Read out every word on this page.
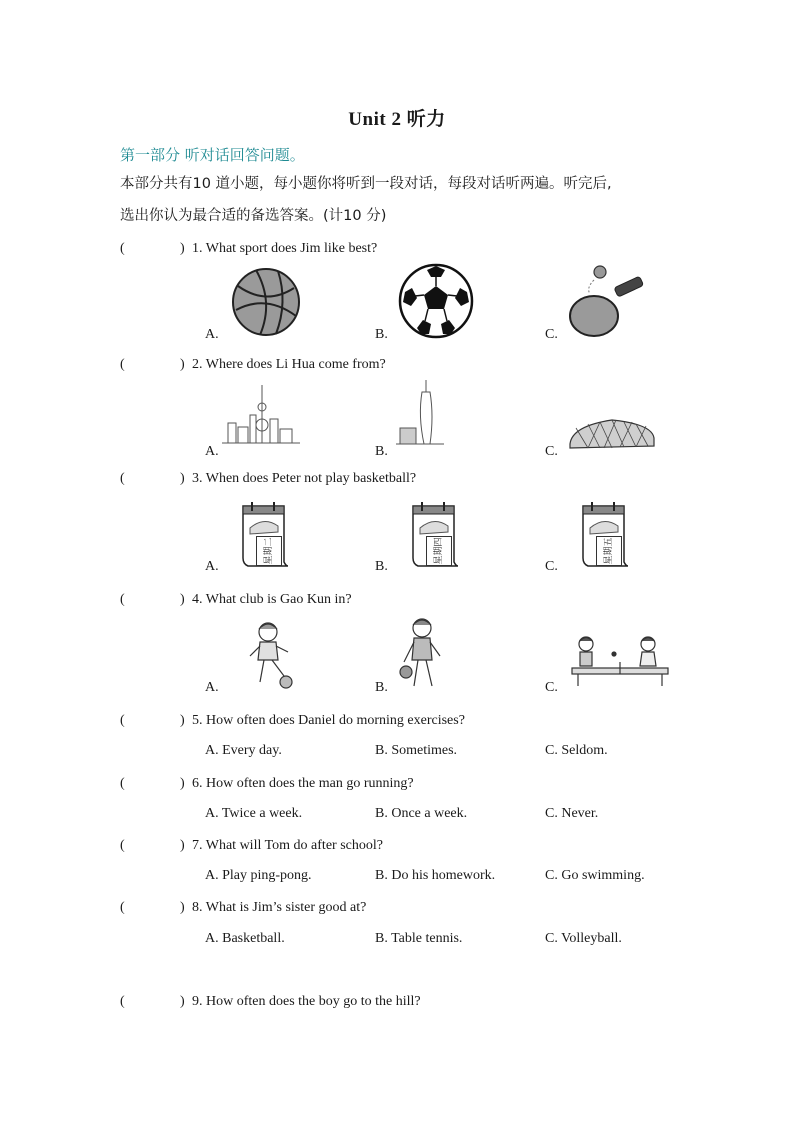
Unit 2 听力
第一部分 听对话回答问题。
本部分共有10 道小题，每小题你将听到一段对话，每段对话听两遍。听完后,
选出你认为最合适的备选答案。(计10 分)
(	) 1. What sport does Jim like best?
A.	B.	C.
(	) 2. Where does Li Hua come from?
A.	B.	C.
(	) 3. When does Peter not play basketball?
A.	B.	C.
星期二	星期四	星期五
(	) 4. What club is Gao Kun in?
A.	B.	C.
(	) 5. How often does Daniel do morning exercises?
A. Every day.	B. Sometimes.	C. Seldom.
(	) 6. How often does the man go running?
A. Twice a week.	B. Once a week.	C. Never.
(	) 7. What will Tom do after school?
A. Play ping-pong.	B. Do his homework.	C. Go swimming.
(	) 8. What is Jim’s sister good at?
A. Basketball.	B. Table tennis.	C. Volleyball.
(	) 9. How often does the boy go to the hill?
